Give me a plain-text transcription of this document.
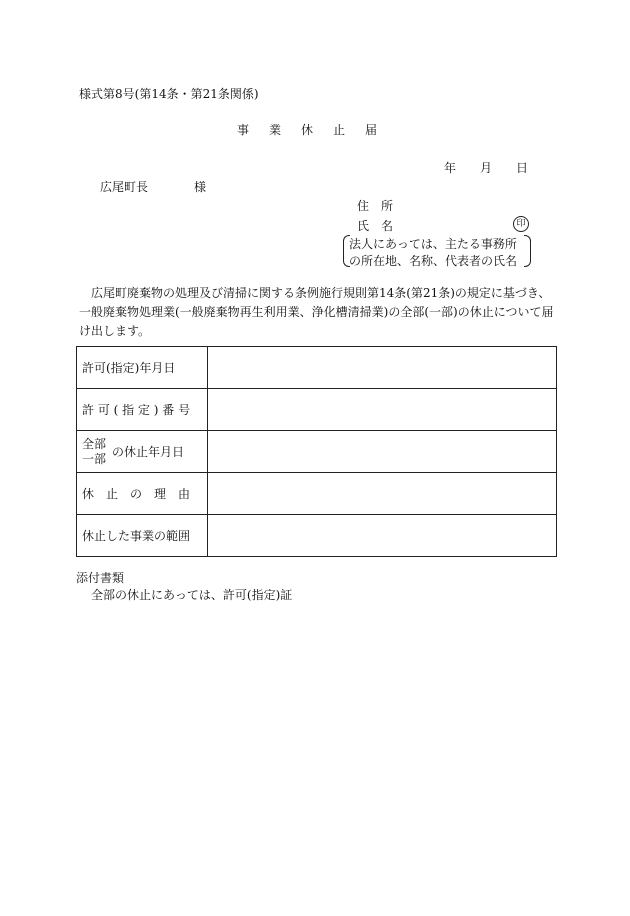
様式第8号(第14条・第21条関係)
事業休止届
年 月 日
広尾町長	様
住　所
氏　名	印
法人にあっては、主たる事務所
の所在地、名称、代表者の氏名
広尾町廃棄物の処理及び清掃に関する条例施行規則第14条(第21条)の規定に基づき、一般廃棄物処理業(一般廃棄物再生利用業、浄化槽清掃業)の全部(一部)の休止について届け出します。
許可(指定)年月日	
許 可 ( 指 定 ) 番 号	
全部
一部 の休止年月日	
休　止　の　理　由	
休止した事業の範囲	
添付書類
全部の休止にあっては、許可(指定)証
